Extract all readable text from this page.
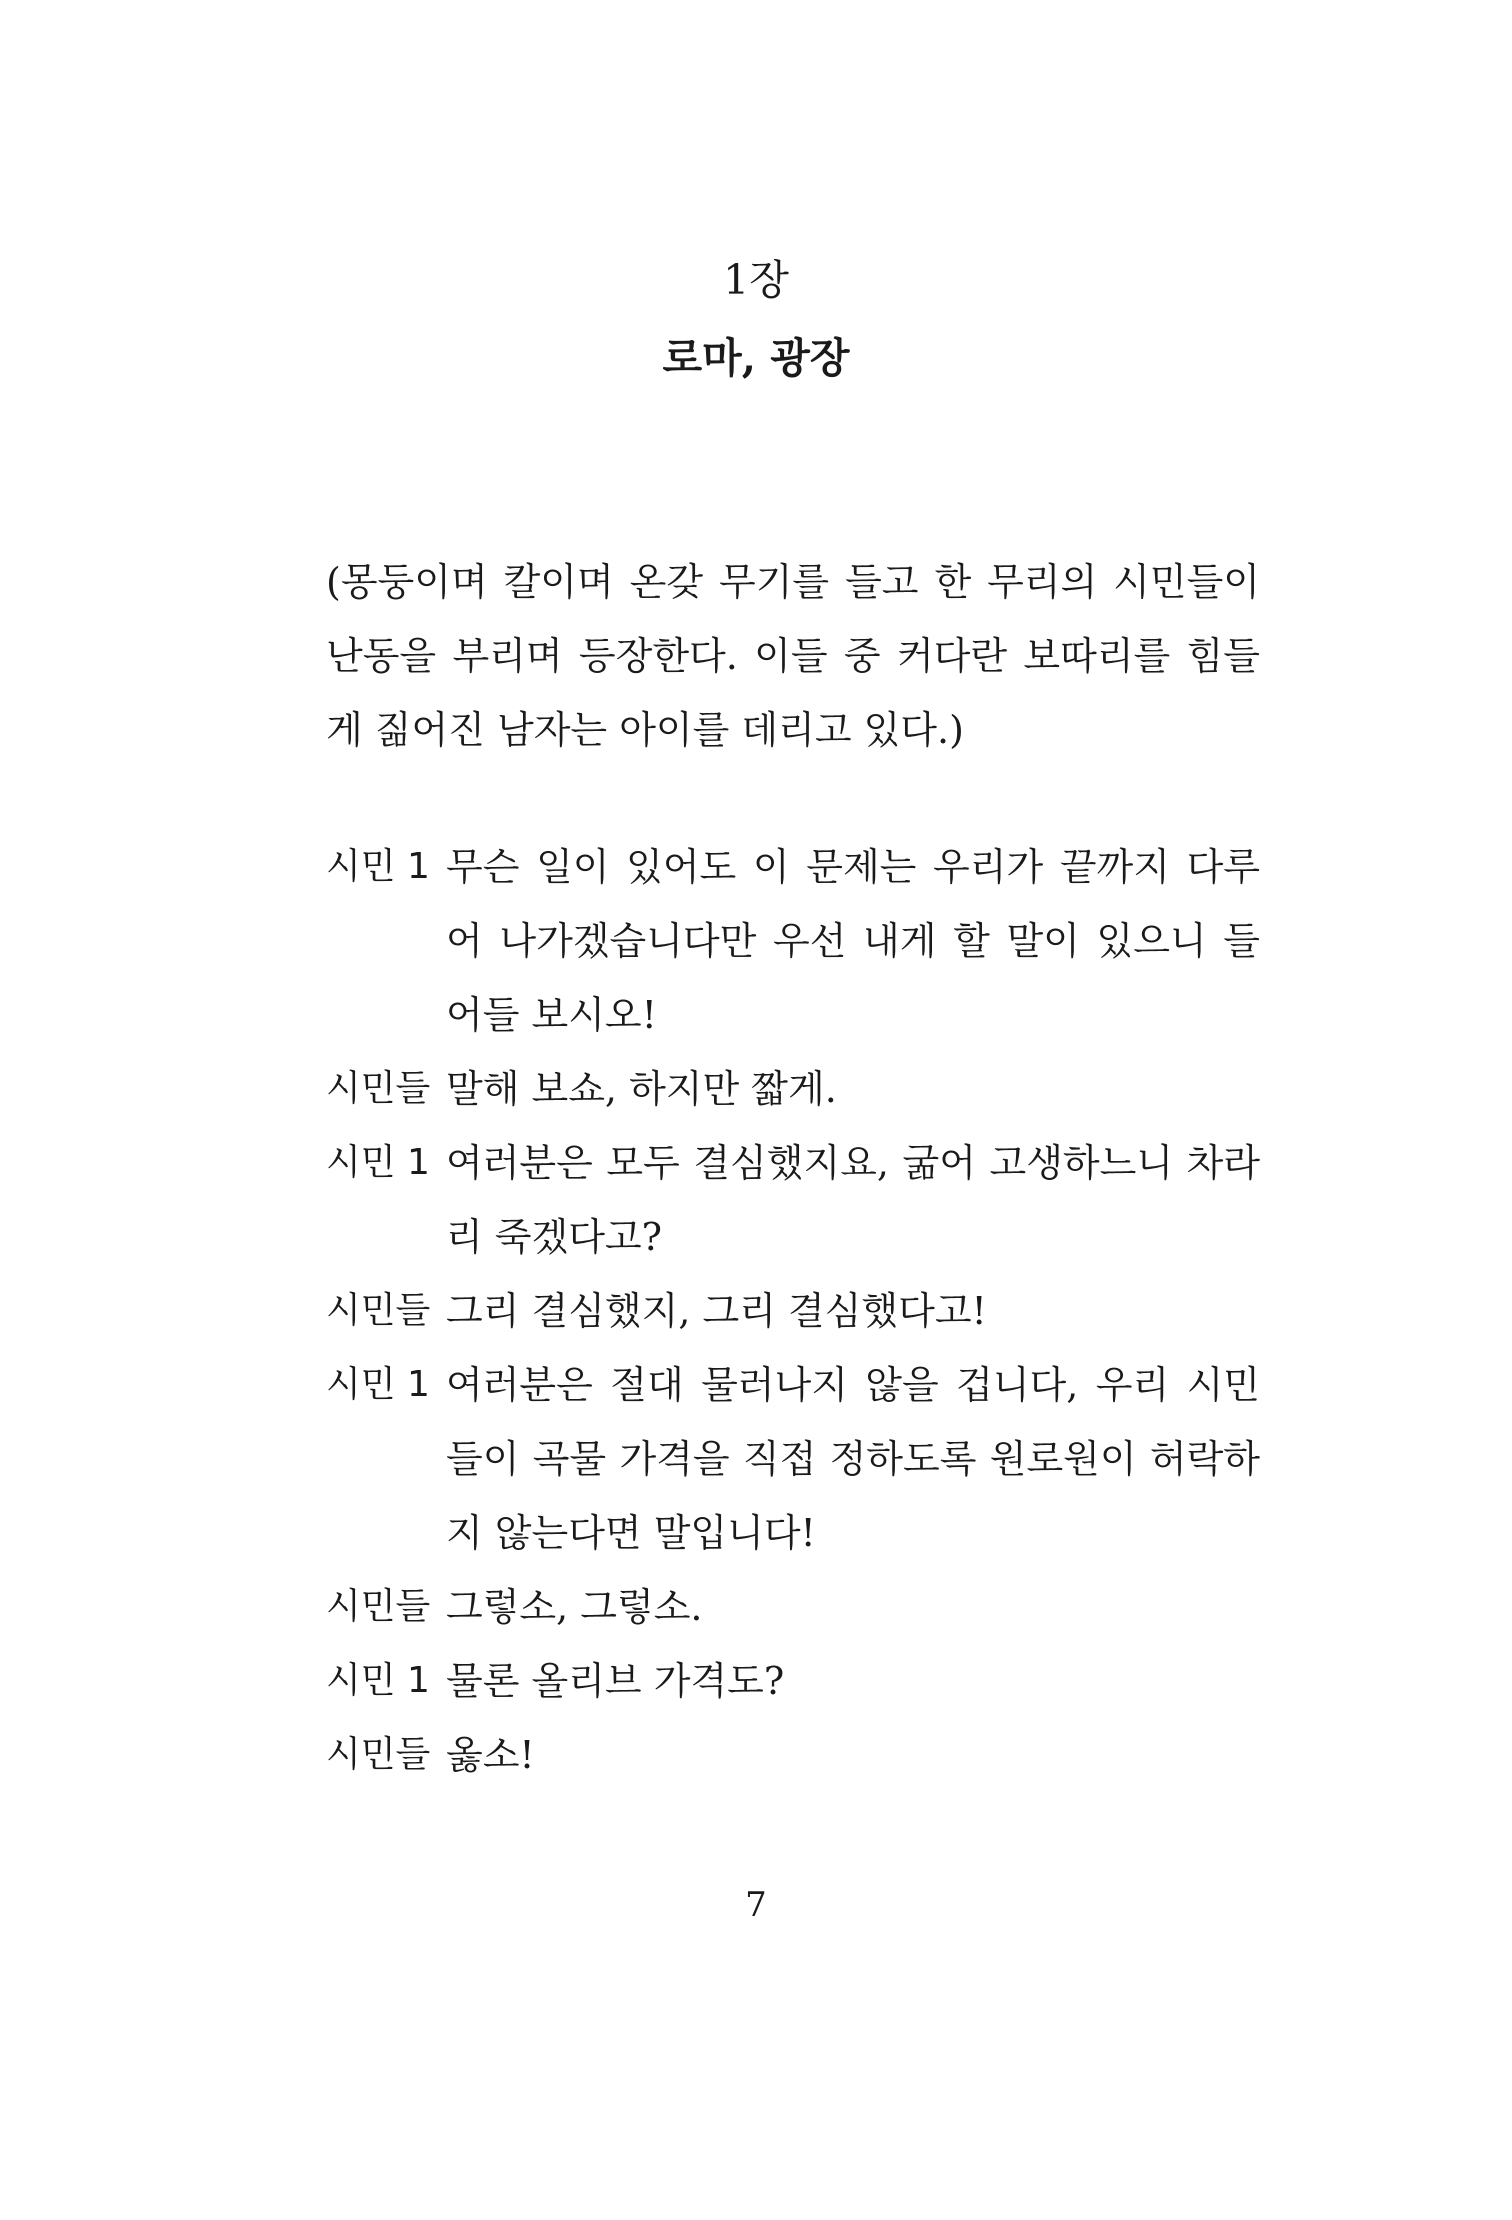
1장
로마, 광장
(몽둥이며 칼이며 온갖 무기를 들고 한 무리의 시민들이 난동을 부리며 등장한다. 이들 중 커다란 보따리를 힘들게 짊어진 남자는 아이를 데리고 있다.)
시민 1 무슨 일이 있어도 이 문제는 우리가 끝까지 다루어 나가겠습니다만 우선 내게 할 말이 있으니 들어들 보시오!
시민들 말해 보쇼, 하지만 짧게.
시민 1 여러분은 모두 결심했지요, 굶어 고생하느니 차라리 죽겠다고?
시민들 그리 결심했지, 그리 결심했다고!
시민 1 여러분은 절대 물러나지 않을 겁니다, 우리 시민들이 곡물 가격을 직접 정하도록 원로원이 허락하지 않는다면 말입니다!
시민들 그렇소, 그렇소.
시민 1 물론 올리브 가격도?
시민들 옳소!
7
